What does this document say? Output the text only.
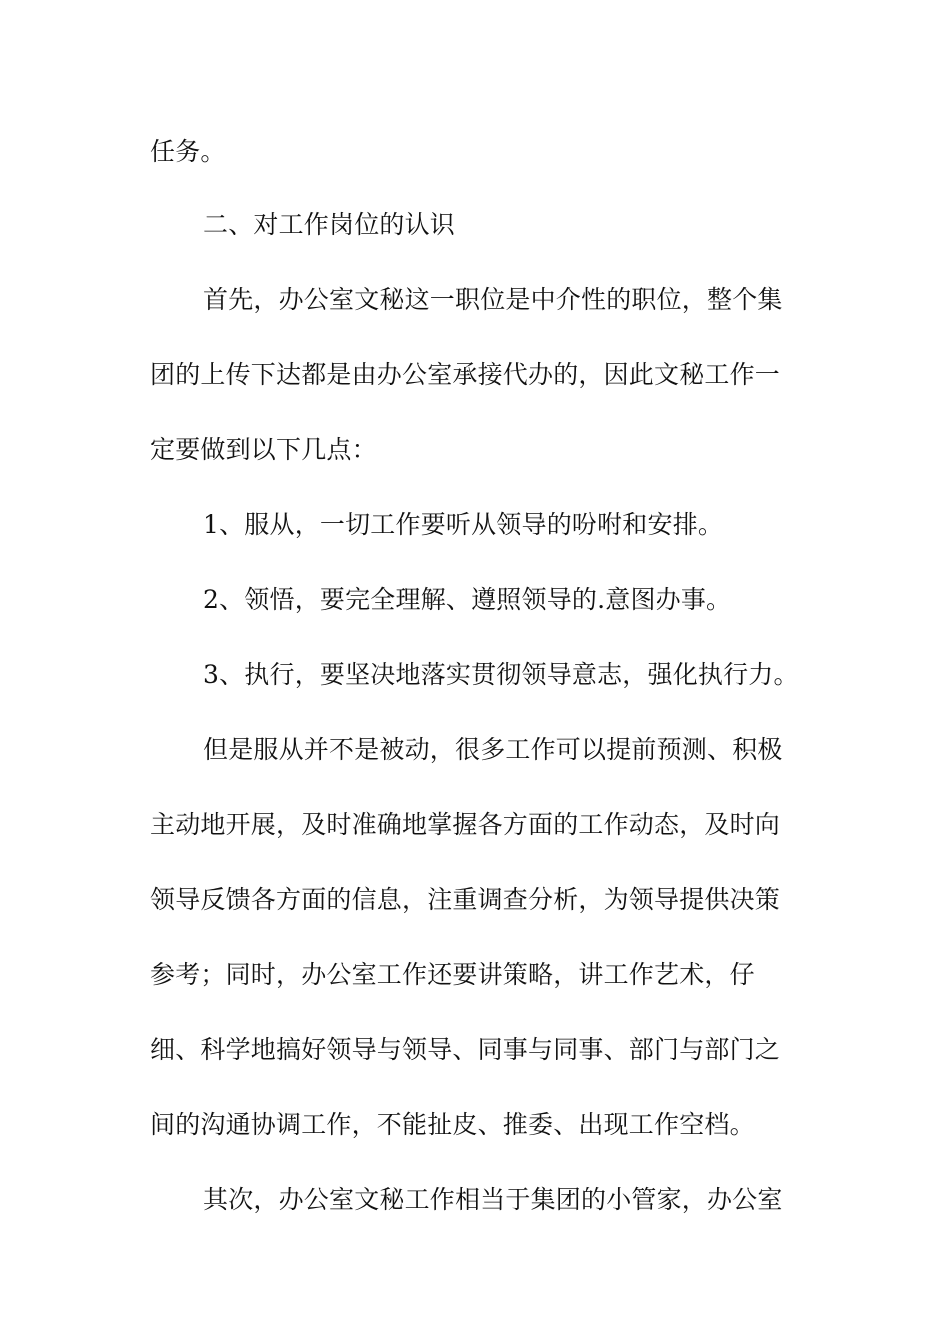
任务。
二、对工作岗位的认识
首先，办公室文秘这一职位是中介性的职位，整个集
团的上传下达都是由办公室承接代办的，因此文秘工作一
定要做到以下几点：
1、服从，一切工作要听从领导的吩咐和安排。
2、领悟，要完全理解、遵照领导的.意图办事。
3、执行，要坚决地落实贯彻领导意志，强化执行力。
但是服从并不是被动，很多工作可以提前预测、积极
主动地开展，及时准确地掌握各方面的工作动态，及时向
领导反馈各方面的信息，注重调查分析，为领导提供决策
参考；同时，办公室工作还要讲策略，讲工作艺术，仔
细、科学地搞好领导与领导、同事与同事、部门与部门之
间的沟通协调工作，不能扯皮、推委、出现工作空档。
其次，办公室文秘工作相当于集团的小管家，办公室
